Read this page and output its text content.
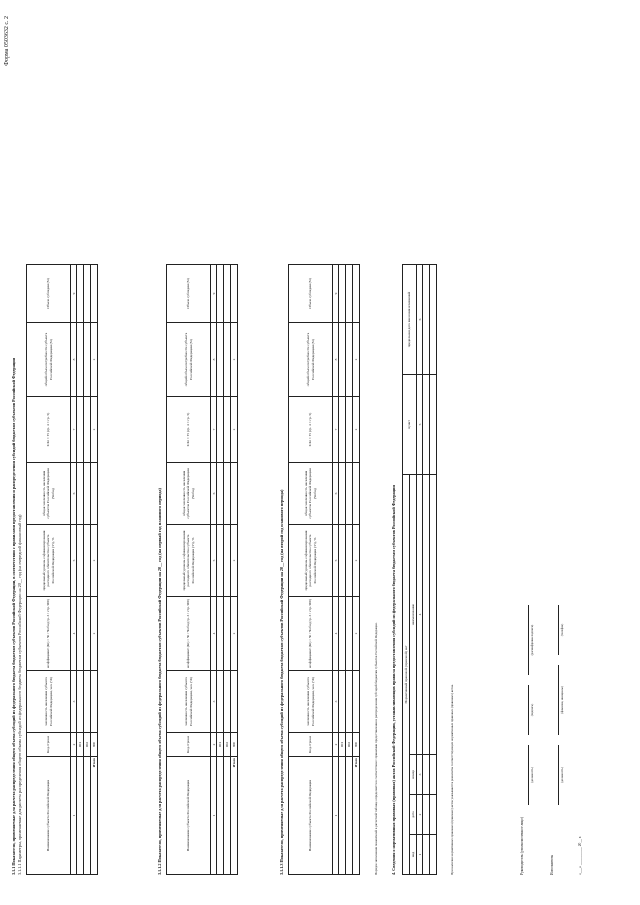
Форма 0503632 с. 2
3.1.1 Показатели, применяемые для расчета распределения общего объема субсидий из федерального бюджета бюджетам субъектов Российской Федерации, в соответствии с правилами предоставления и распределения субсидий бюджетам субъектов Российской Федерации 3.1.1.1 Параметры, применяемые для расчета распределения общего объема субсидий из федерального бюджета бюджетам субъектов Российской Федерации на 20__ год (на очередной финансовый год)	Наименование субъекта Российской Федерации	Код строки	численность населения субъекта Российской Федерации, чел. (Чi)	коэффициент (Кi) = Чi / Чобщ (гр. 3 / стр. 900)	предельный уровень софинансирования расходного обязательства субъекта Российской Федерации (Уi), %	общая численность населения субъектов Российской Федерации (Чобщ)	Σ Кi × Уi (гр. 4 × гр. 5)	общий объем потребности субъекта Российской Федерации (Si)	Объем субсидии (Si)
1	2	3	4	5	6	7	8	9
	001							
	002							
Итого	900		х	х		х	х	
3.1.1.2 Показатели, применяемые для расчета распределения общего объема субсидий из федерального бюджета бюджетам субъектов Российской Федерации на 20__ год (на первый год планового периода)	Наименование субъекта Российской Федерации	Код строки	численность населения субъекта Российской Федерации, чел. (Чi)	коэффициент (Кi) = Чi / Чобщ (гр. 3 / стр. 900)	предельный уровень софинансирования расходного обязательства субъекта Российской Федерации (Уi), %	общая численность населения субъектов Российской Федерации (Чобщ)	Σ Кi × Уi (гр. 4 × гр. 5)	общий объем потребности субъекта Российской Федерации (Si)	Объем субсидии (Si)
1	2	3	4	5	6	7	8	9
	001							
	002							
Итого	900		х	х		х	х	
3.1.1.3 Показатели, применяемые для расчета распределения общего объема субсидий из федерального бюджета бюджетам субъектов Российской Федерации на 20__ год (на второй год планового периода)	Наименование субъекта Российской Федерации	Код строки	численность населения субъекта Российской Федерации, чел. (Чi)	коэффициент (Кi) = Чi / Чобщ (гр. 3 / стр. 900)	предельный уровень софинансирования расходного обязательства субъекта Российской Федерации (Уi), %	общая численность населения субъектов Российской Федерации (Чобщ)	Σ Кi × Уi (гр. 4 × гр. 5)	общий объем потребности субъекта Российской Федерации (Si)	Объем субсидии (Si)
1	2	3	4	5	6	7	8	9
	001							
	002							
Итого	900		х	х		х	х	
Порядок заполнения показателей в расчетной таблице определяется в соответствии с правилами предоставления и распределения субсидий бюджетам субъектов Российской Федерации.	4. Сведения о нормативных правовых (правовых) актах Российской Федерации, устанавливающих правила предоставления субсидий из федерального бюджета бюджетам субъектов Российской Федерации Нормативный правовой (правовой) акт				пункт	предельная дата внесения изменений
вид	дата	номер	наименование		
1	2	3	4	5	6

При наличии нормативных правовых (правовых) актов указываются реквизиты соответствующих нормативных правовых (правовых) актов.	Руководитель (уполномоченное лицо)
(должность)
(подпись)
(расшифровка подписи)
Исполнитель
(должность)
(фамилия, инициалы)
(телефон)
«___» __________ 20__ г.
